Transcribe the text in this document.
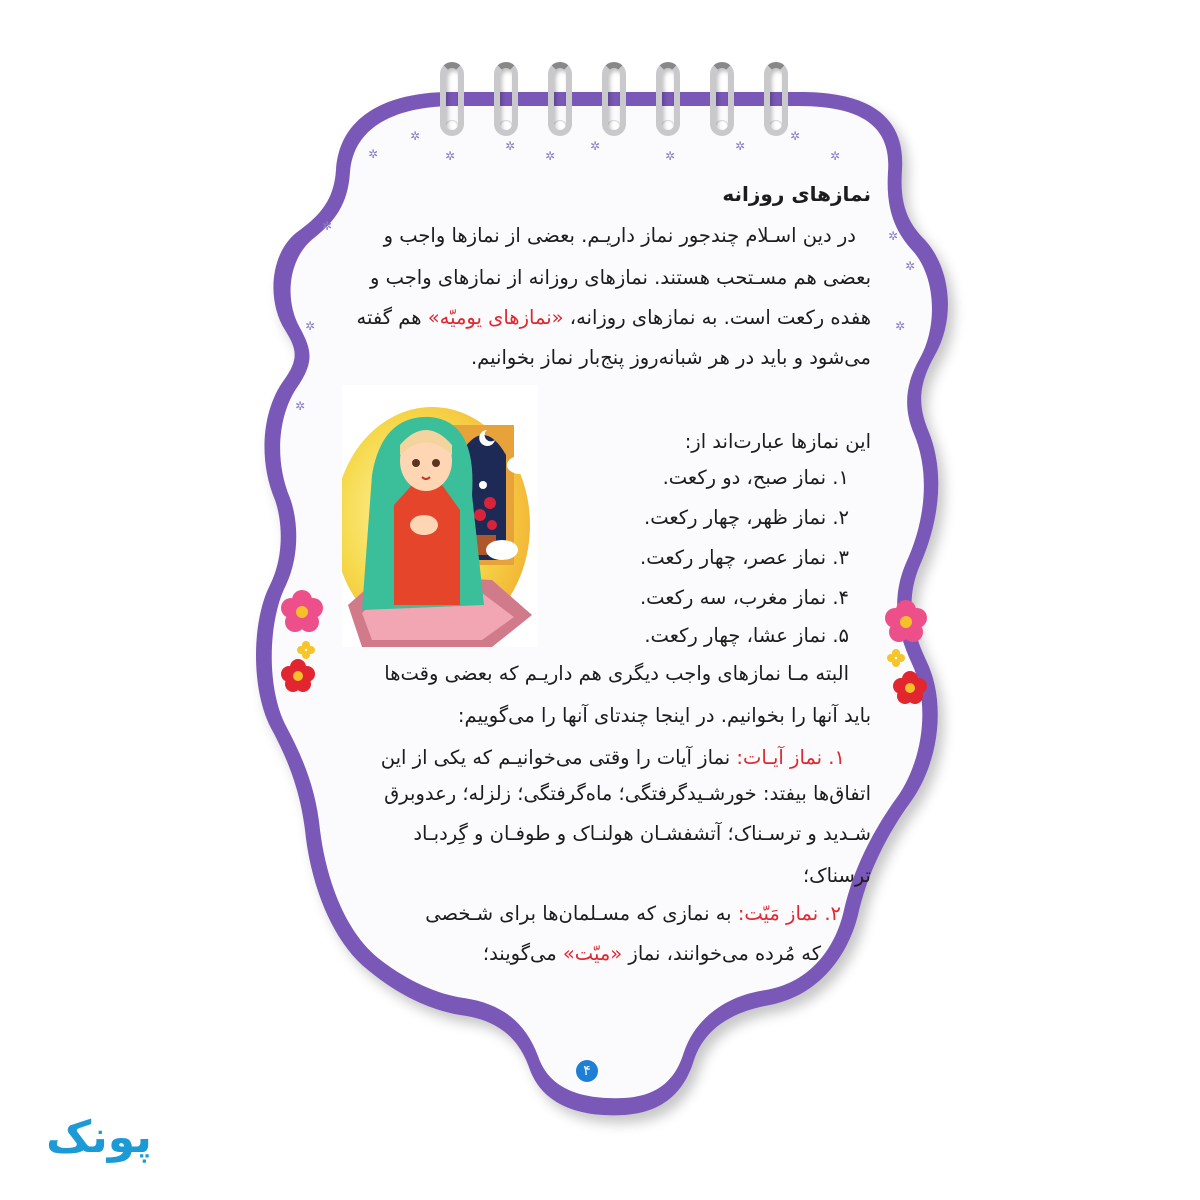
✲
✲
✲
✲
✲
✲
✲
✲
✲
✲
✲
✲
✲
✲
✲
✲
نمازهای روزانه
در دین اسـلام چندجور نماز داریـم. بعضی از نمازها واجب و
بعضی هم مسـتحب هستند. نمازهای روزانه از نمازهای واجب و
هفده رکعت است. به نمازهای روزانه، «نمازهای یومیّه» هم گفته
می‌شود و باید در هر شبانه‌روز پنج‌بار نماز بخوانیم.
این نمازها عبارت‌اند از:
۱. نماز صبح، دو رکعت.
۲. نماز ظهر، چهار رکعت.
۳. نماز عصر، چهار رکعت.
۴. نماز مغرب، سه رکعت.
۵. نماز عشا، چهار رکعت.
البته مـا نمازهای واجب دیگری هم داریـم که بعضی وقت‌ها
باید آنها را بخوانیم. در اینجا چندتای آنها را می‌گوییم:
۱. نماز آیـات: نماز آیات را وقتی می‌خوانیـم که یکی از این
اتفاق‌ها بیفتد: خورشـیدگرفتگی؛ ماه‌گرفتگی؛ زلزله؛ رعدوبرق
شـدید و ترسـناک؛ آتشفشـان هولنـاک و طوفـان و گِردبـاد
ترسناک؛
۲. نماز مَیّت: به نمازی که مسـلمان‌ها برای شـخصی
که مُرده می‌خوانند، نماز «میّت» می‌گویند؛
۴
پونک
